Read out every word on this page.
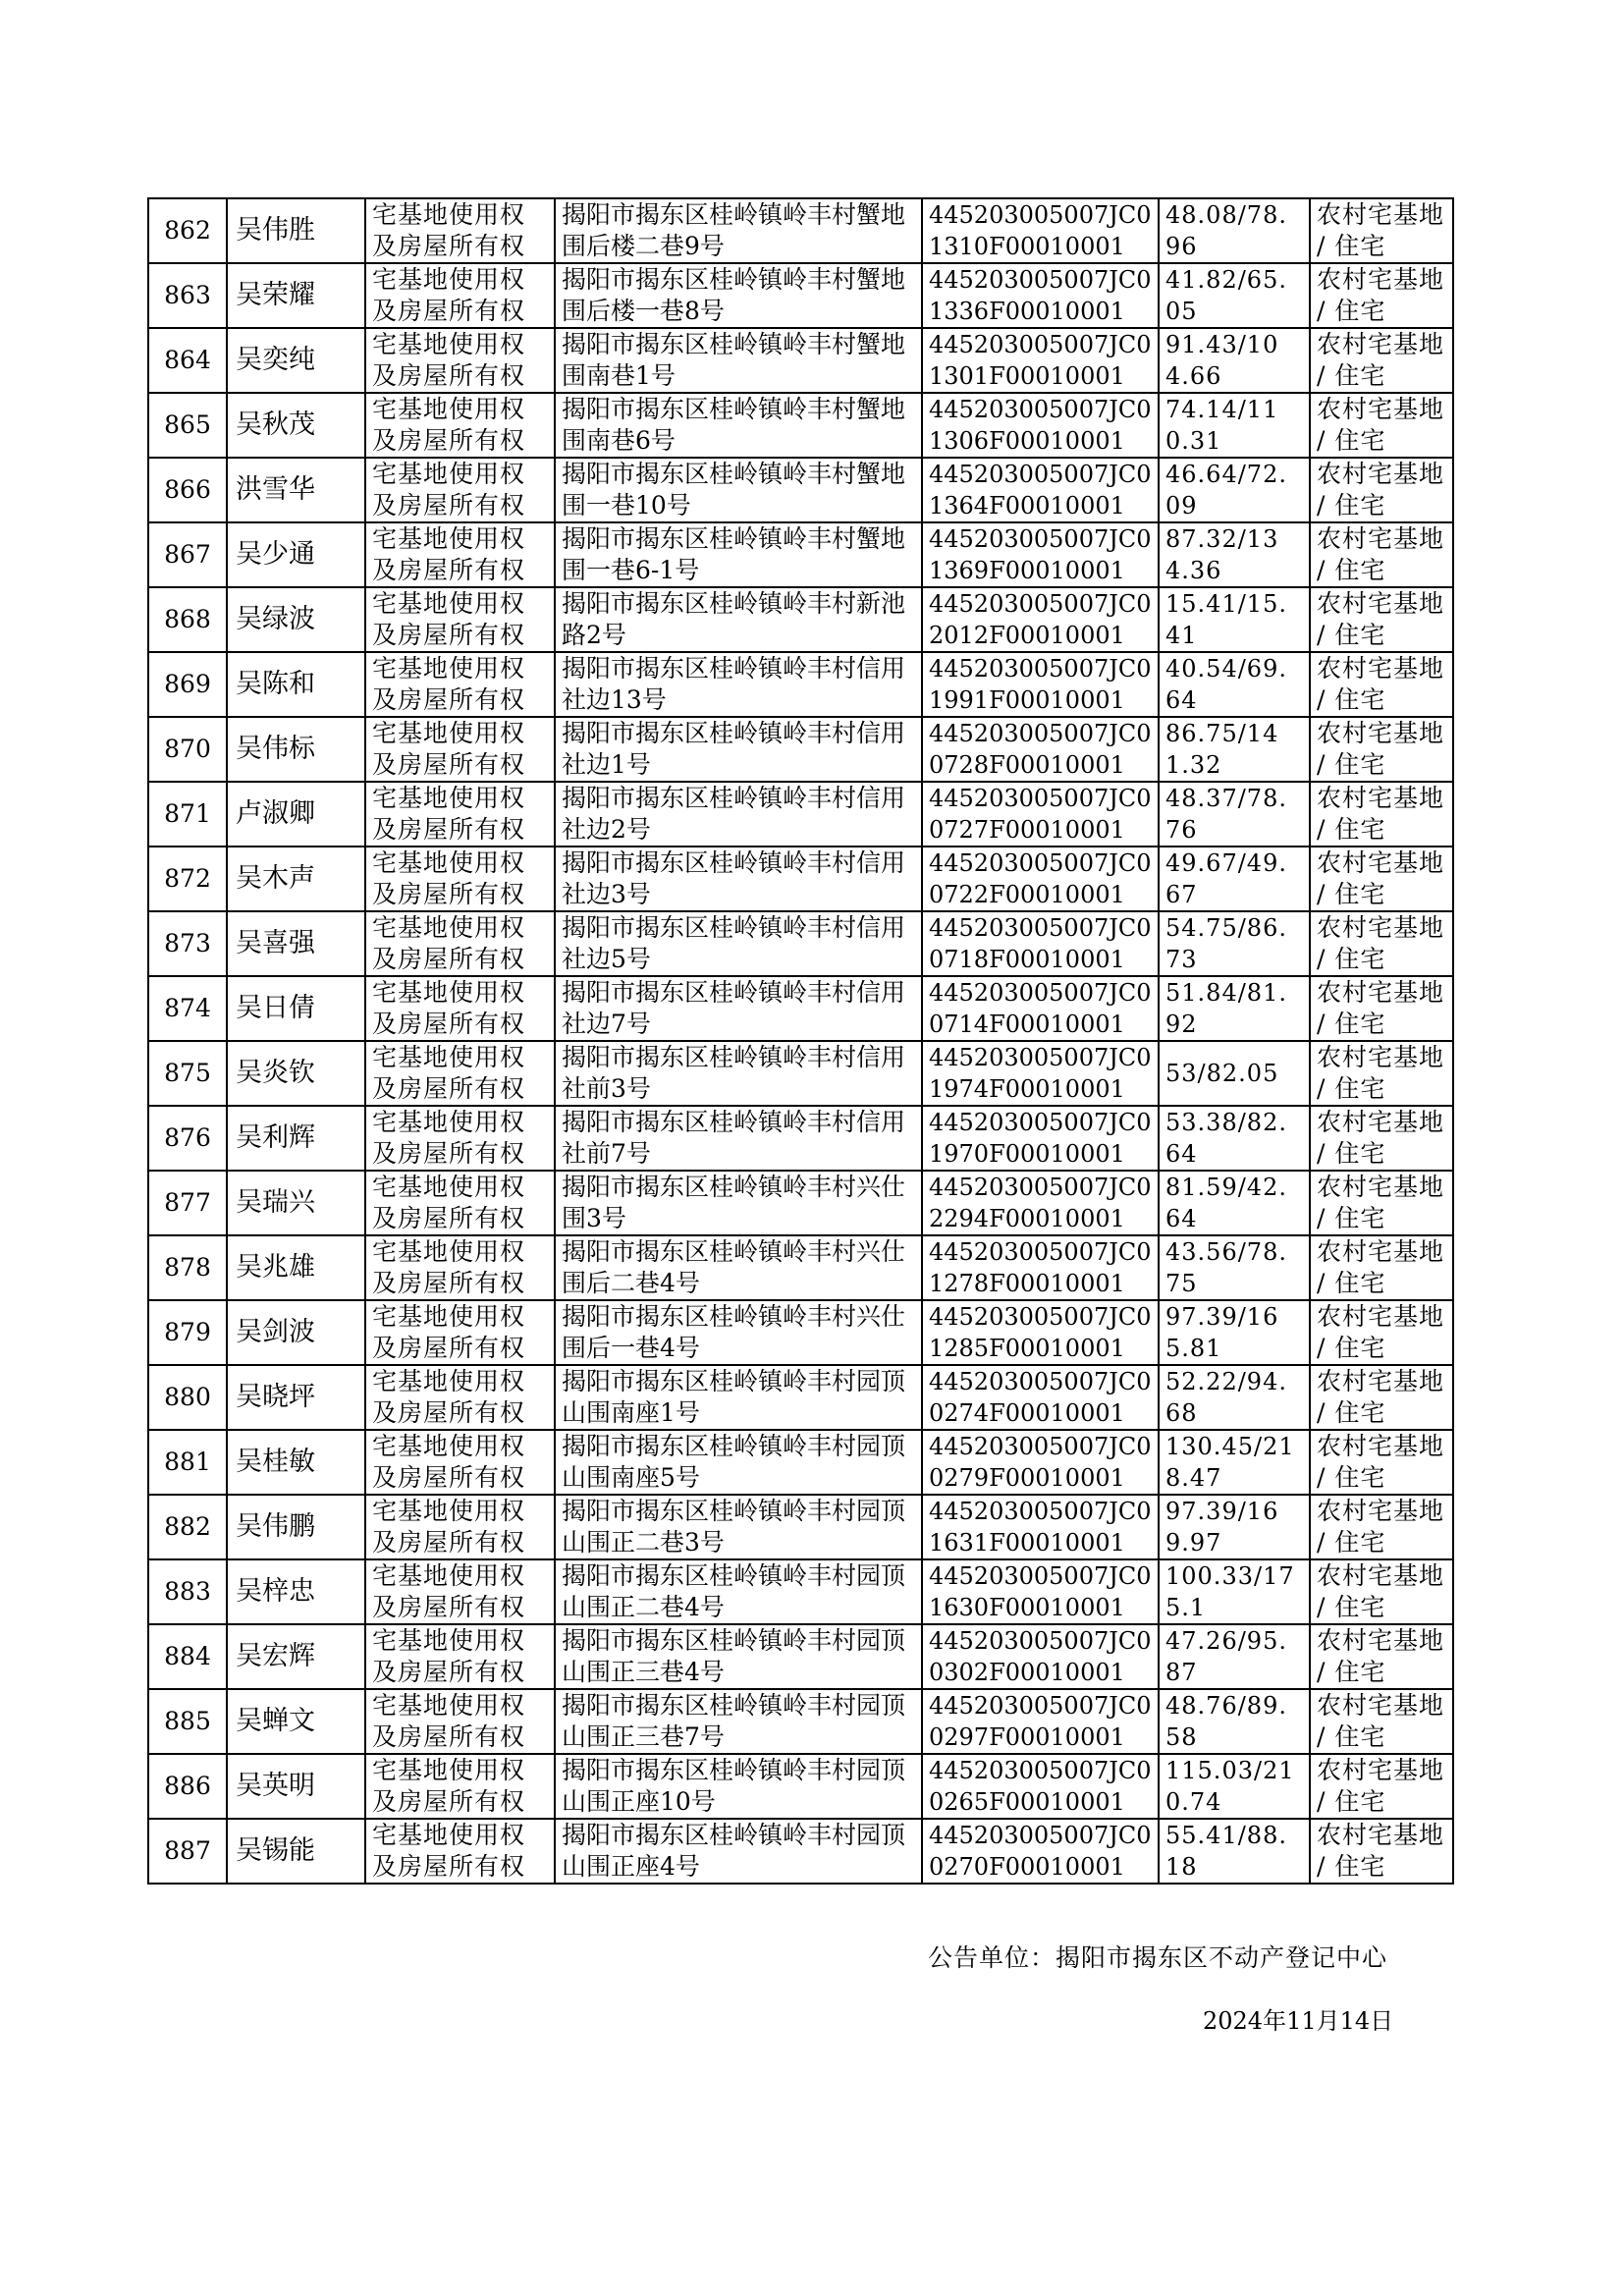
862	吴伟胜	宅基地使用权及房屋所有权	揭阳市揭东区桂岭镇岭丰村蟹地围后楼二巷9号	445203005007JC01310F00010001	48.08/78.96	农村宅基地 / 住宅
863	吴荣耀	宅基地使用权及房屋所有权	揭阳市揭东区桂岭镇岭丰村蟹地围后楼一巷8号	445203005007JC01336F00010001	41.82/65.05	农村宅基地 / 住宅
864	吴奕纯	宅基地使用权及房屋所有权	揭阳市揭东区桂岭镇岭丰村蟹地围南巷1号	445203005007JC01301F00010001	91.43/104.66	农村宅基地 / 住宅
865	吴秋茂	宅基地使用权及房屋所有权	揭阳市揭东区桂岭镇岭丰村蟹地围南巷6号	445203005007JC01306F00010001	74.14/110.31	农村宅基地 / 住宅
866	洪雪华	宅基地使用权及房屋所有权	揭阳市揭东区桂岭镇岭丰村蟹地围一巷10号	445203005007JC01364F00010001	46.64/72.09	农村宅基地 / 住宅
867	吴少通	宅基地使用权及房屋所有权	揭阳市揭东区桂岭镇岭丰村蟹地围一巷6-1号	445203005007JC01369F00010001	87.32/134.36	农村宅基地 / 住宅
868	吴绿波	宅基地使用权及房屋所有权	揭阳市揭东区桂岭镇岭丰村新池路2号	445203005007JC02012F00010001	15.41/15.41	农村宅基地 / 住宅
869	吴陈和	宅基地使用权及房屋所有权	揭阳市揭东区桂岭镇岭丰村信用社边13号	445203005007JC01991F00010001	40.54/69.64	农村宅基地 / 住宅
870	吴伟标	宅基地使用权及房屋所有权	揭阳市揭东区桂岭镇岭丰村信用社边1号	445203005007JC00728F00010001	86.75/141.32	农村宅基地 / 住宅
871	卢淑卿	宅基地使用权及房屋所有权	揭阳市揭东区桂岭镇岭丰村信用社边2号	445203005007JC00727F00010001	48.37/78.76	农村宅基地 / 住宅
872	吴木声	宅基地使用权及房屋所有权	揭阳市揭东区桂岭镇岭丰村信用社边3号	445203005007JC00722F00010001	49.67/49.67	农村宅基地 / 住宅
873	吴喜强	宅基地使用权及房屋所有权	揭阳市揭东区桂岭镇岭丰村信用社边5号	445203005007JC00718F00010001	54.75/86.73	农村宅基地 / 住宅
874	吴日倩	宅基地使用权及房屋所有权	揭阳市揭东区桂岭镇岭丰村信用社边7号	445203005007JC00714F00010001	51.84/81.92	农村宅基地 / 住宅
875	吴炎钦	宅基地使用权及房屋所有权	揭阳市揭东区桂岭镇岭丰村信用社前3号	445203005007JC01974F00010001	53/82.05	农村宅基地 / 住宅
876	吴利辉	宅基地使用权及房屋所有权	揭阳市揭东区桂岭镇岭丰村信用社前7号	445203005007JC01970F00010001	53.38/82.64	农村宅基地 / 住宅
877	吴瑞兴	宅基地使用权及房屋所有权	揭阳市揭东区桂岭镇岭丰村兴仕围3号	445203005007JC02294F00010001	81.59/42.64	农村宅基地 / 住宅
878	吴兆雄	宅基地使用权及房屋所有权	揭阳市揭东区桂岭镇岭丰村兴仕围后二巷4号	445203005007JC01278F00010001	43.56/78.75	农村宅基地 / 住宅
879	吴剑波	宅基地使用权及房屋所有权	揭阳市揭东区桂岭镇岭丰村兴仕围后一巷4号	445203005007JC01285F00010001	97.39/165.81	农村宅基地 / 住宅
880	吴晓坪	宅基地使用权及房屋所有权	揭阳市揭东区桂岭镇岭丰村园顶山围南座1号	445203005007JC00274F00010001	52.22/94.68	农村宅基地 / 住宅
881	吴桂敏	宅基地使用权及房屋所有权	揭阳市揭东区桂岭镇岭丰村园顶山围南座5号	445203005007JC00279F00010001	130.45/218.47	农村宅基地 / 住宅
882	吴伟鹏	宅基地使用权及房屋所有权	揭阳市揭东区桂岭镇岭丰村园顶山围正二巷3号	445203005007JC01631F00010001	97.39/169.97	农村宅基地 / 住宅
883	吴梓忠	宅基地使用权及房屋所有权	揭阳市揭东区桂岭镇岭丰村园顶山围正二巷4号	445203005007JC01630F00010001	100.33/175.1	农村宅基地 / 住宅
884	吴宏辉	宅基地使用权及房屋所有权	揭阳市揭东区桂岭镇岭丰村园顶山围正三巷4号	445203005007JC00302F00010001	47.26/95.87	农村宅基地 / 住宅
885	吴蝉文	宅基地使用权及房屋所有权	揭阳市揭东区桂岭镇岭丰村园顶山围正三巷7号	445203005007JC00297F00010001	48.76/89.58	农村宅基地 / 住宅
886	吴英明	宅基地使用权及房屋所有权	揭阳市揭东区桂岭镇岭丰村园顶山围正座10号	445203005007JC00265F00010001	115.03/210.74	农村宅基地 / 住宅
887	吴锡能	宅基地使用权及房屋所有权	揭阳市揭东区桂岭镇岭丰村园顶山围正座4号	445203005007JC00270F00010001	55.41/88.18	农村宅基地 / 住宅
公告单位：揭阳市揭东区不动产登记中心
2024年11月14日
